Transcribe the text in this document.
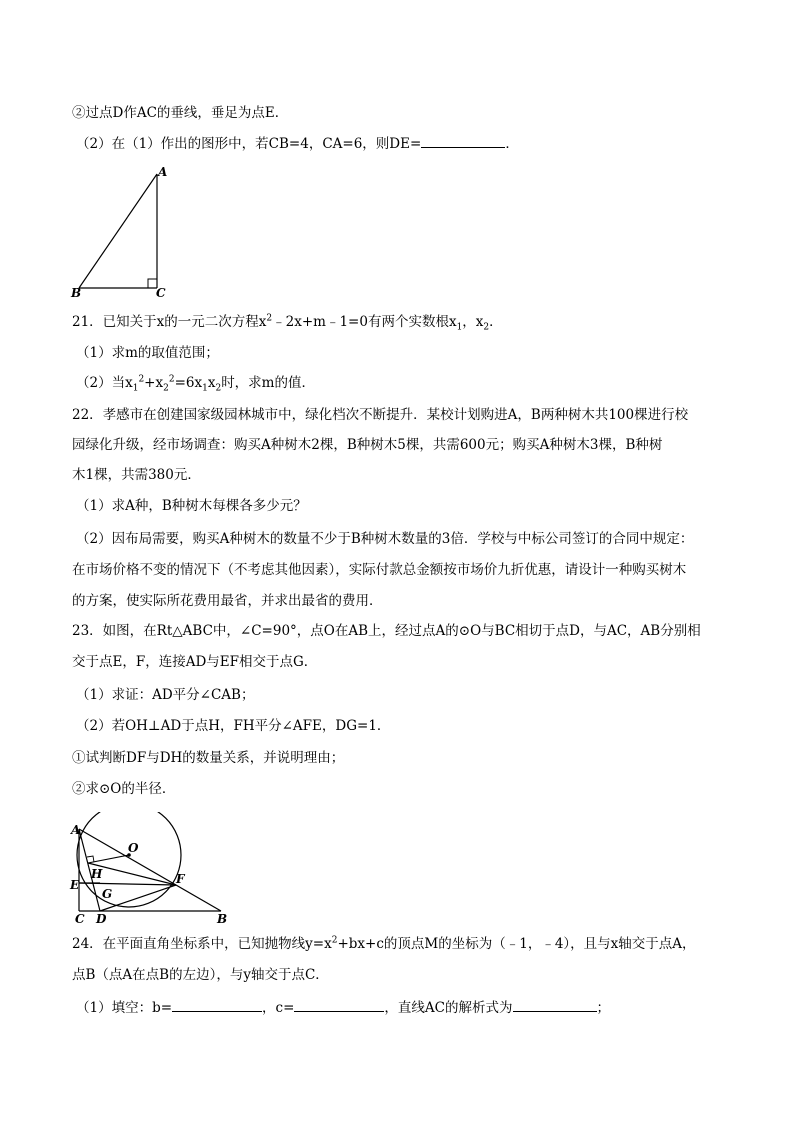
②过点D作AC的垂线，垂足为点E．
（2）在（1）作出的图形中，若CB=4，CA=6，则DE=	．
A
B	C
21．已知关于x的一元二次方程$x^2﹣2x+m﹣1=0$有两个实数根$x_1$，$x_2$．
（1）求m的取值范围；
（2）当$x_1^2+x_2^2=6x_1x_2$时，求m的值．
22．孝感市在创建国家级园林城市中，绿化档次不断提升．某校计划购进A，B两种树木共100棵进行校
园绿化升级，经市场调查：购买A种树木2棵，B种树木5棵，共需600元；购买A种树木3棵，B种树
木1棵，共需380元．
（1）求A种，B种树木每棵各多少元？
（2）因布局需要，购买A种树木的数量不少于B种树木数量的3倍．学校与中标公司签订的合同中规定：
在市场价格不变的情况下（不考虑其他因素），实际付款总金额按市场价九折优惠，请设计一种购买树木
的方案，使实际所花费用最省，并求出最省的费用．
23．如图，在Rt△ABC中，∠C=90°，点O在AB上，经过点A的⊙O与BC相切于点D，与AC，AB分别相
交于点E，F，连接AD与EF相交于点G．
（1）求证：AD平分∠CAB；
（2）若OH⊥AD于点H，FH平分∠AFE，DG=1．
①试判断DF与DH的数量关系，并说明理由；
②求⊙O的半径．
A
O
H
E
G
F
C D	B
24．在平面直角坐标系中，已知抛物线$y=x^2+bx+c$的顶点M的坐标为（﹣1，﹣4），且与x轴交于点A，
点B（点A在点B的左边），与y轴交于点C．
（1）填空：b=	，c=	，直线AC的解析式为	；
